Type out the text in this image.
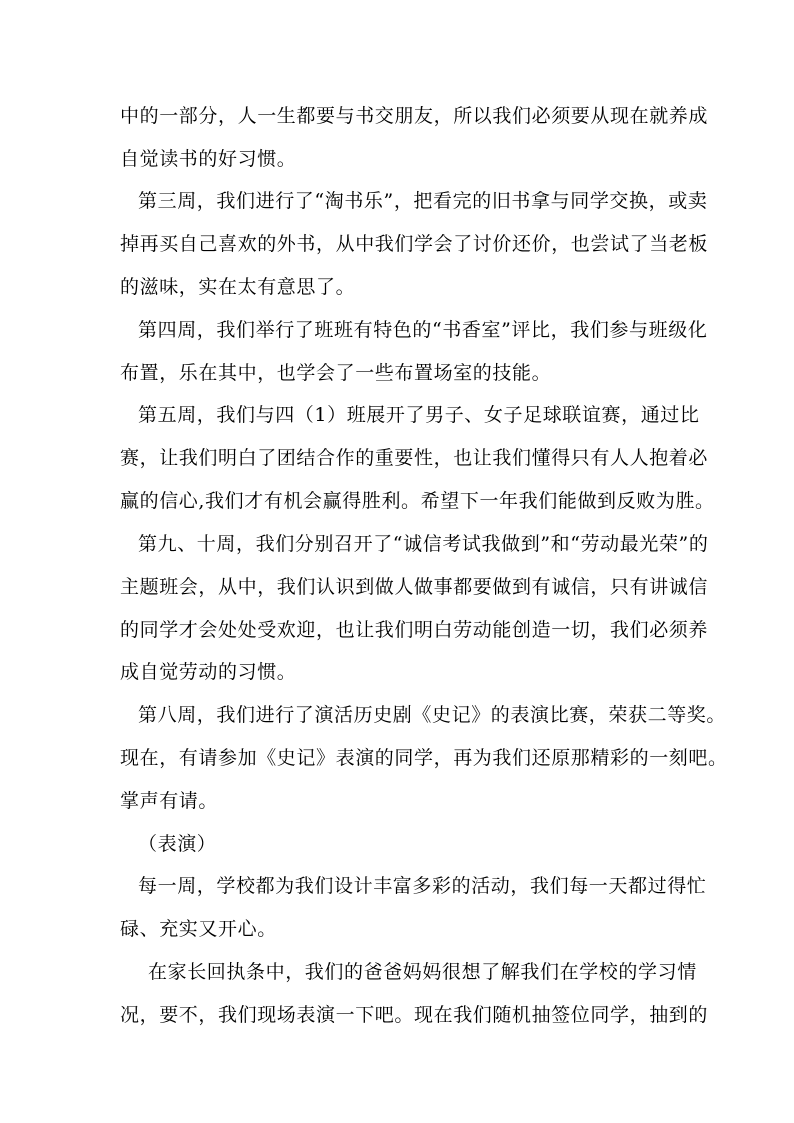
中的一部分，人一生都要与书交朋友，所以我们必须要从现在就养成
自觉读书的好习惯。
第三周，我们进行了“淘书乐”，把看完的旧书拿与同学交换，或卖
掉再买自己喜欢的外书，从中我们学会了讨价还价，也尝试了当老板
的滋味，实在太有意思了。
第四周，我们举行了班班有特色的“书香室”评比，我们参与班级化
布置，乐在其中，也学会了一些布置场室的技能。
第五周，我们与四（1）班展开了男子、女子足球联谊赛，通过比
赛，让我们明白了团结合作的重要性，也让我们懂得只有人人抱着必
赢的信心,我们才有机会赢得胜利。希望下一年我们能做到反败为胜。
第九、十周，我们分别召开了“诚信考试我做到”和“劳动最光荣”的
主题班会，从中，我们认识到做人做事都要做到有诚信，只有讲诚信
的同学才会处处受欢迎，也让我们明白劳动能创造一切，我们必须养
成自觉劳动的习惯。
第八周，我们进行了演活历史剧《史记》的表演比赛，荣获二等奖。
现在，有请参加《史记》表演的同学，再为我们还原那精彩的一刻吧。
掌声有请。
（表演）
每一周，学校都为我们设计丰富多彩的活动，我们每一天都过得忙
碌、充实又开心。
在家长回执条中，我们的爸爸妈妈很想了解我们在学校的学习情
况，要不，我们现场表演一下吧。现在我们随机抽签位同学，抽到的
